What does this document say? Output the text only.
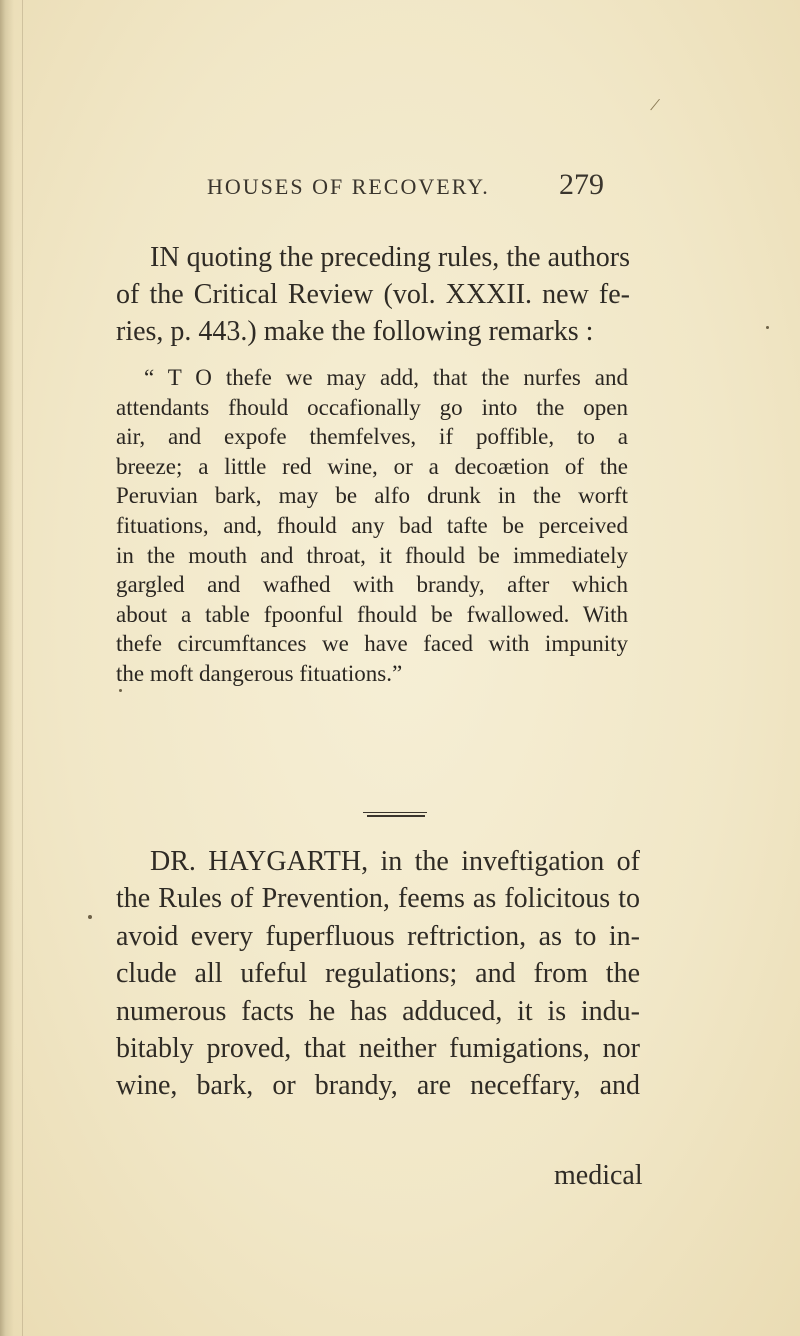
/
HOUSES OF RECOVERY. 279
IN quoting the preceding rules, the authors
of the Critical Review (vol. XXXII. new fe-
ries, p. 443.) make the following remarks :
“ T O thefe we may add, that the nurfes and
attendants fhould occafionally go into the open
air, and expofe themfelves, if poffible, to a
breeze; a little red wine, or a decoætion of the
Peruvian bark, may be alfo drunk in the worft
fituations, and, fhould any bad tafte be perceived
in the mouth and throat, it fhould be immediately
gargled and wafhed with brandy, after which
about a table fpoonful fhould be fwallowed. With
thefe circumftances we have faced with impunity
the moft dangerous fituations.”
DR. HAYGARTH, in the inveftigation of
the Rules of Prevention, feems as folicitous to
avoid every fuperfluous reftriction, as to in-
clude all ufeful regulations; and from the
numerous facts he has adduced, it is indu-
bitably proved, that neither fumigations, nor
wine, bark, or brandy, are neceffary, and
medical
